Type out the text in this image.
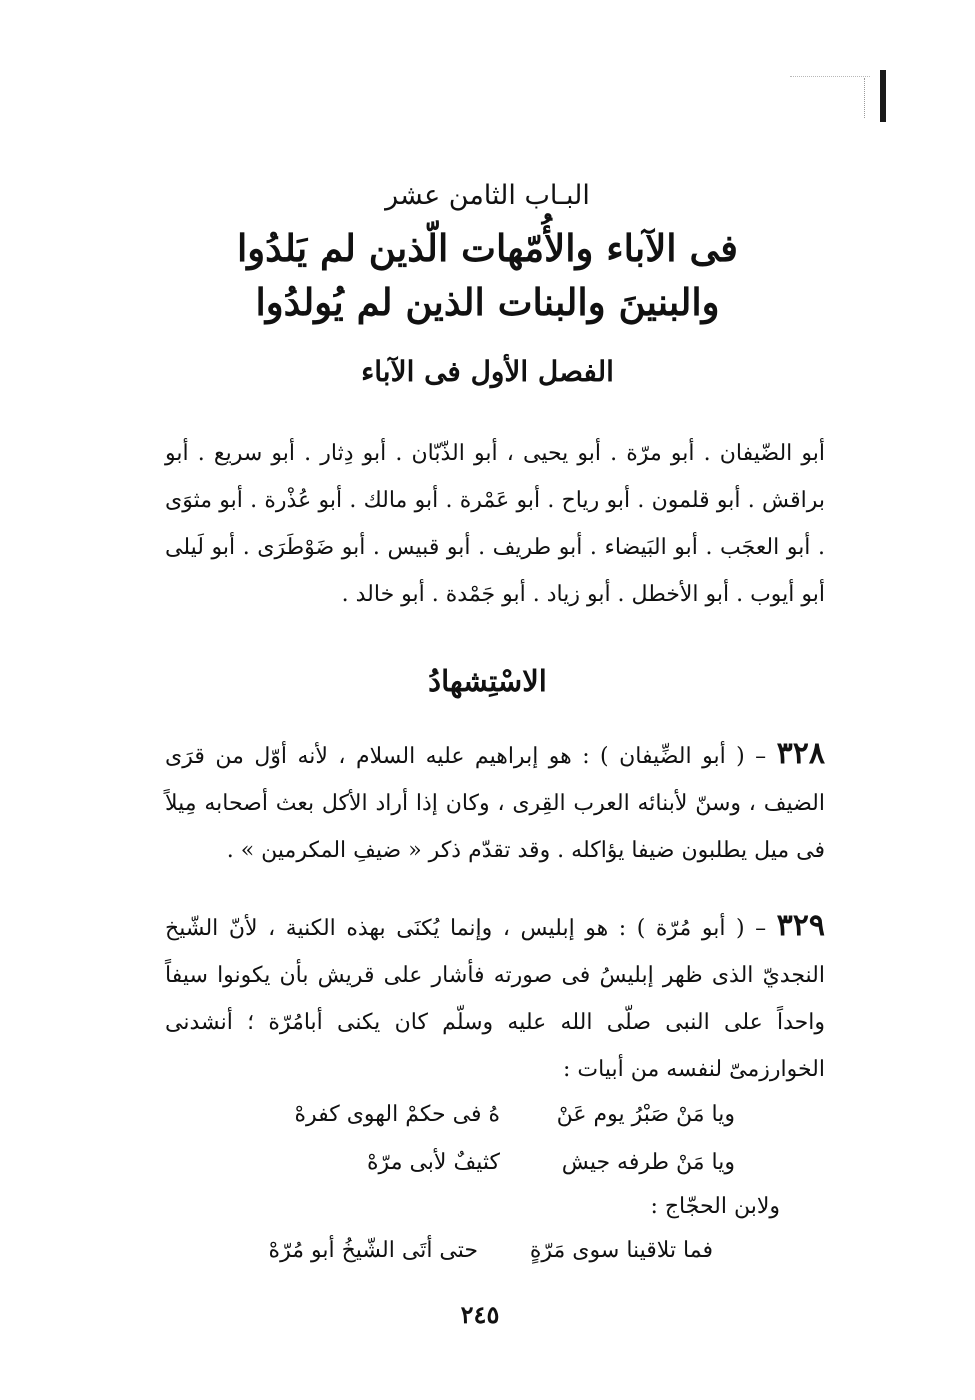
البـاب الثامن عشر
فى الآباء والأُمّهات الّذين لم يَلدُوا
والبنينَ والبنات الذين لم يُولدُوا
الفصل الأول فى الآباء
أبو الضّيفان . أبو مرّة . أبو يحيى ، أبو الذّبّان . أبو دِثار . أبو سريع . أبو براقش . أبو قلمون . أبو رياح . أبو عَمْرة . أبو مالك . أبو عُذْرة . أبو مثوَى . أبو العجَب . أبو البَيضاء . أبو طريف . أبو قبيس . أبو ضَوْطَرَى . أبو لَيلى أبو أيوب . أبو الأخطل . أبو زياد . أبو جَمْدة . أبو خالد .
الاسْتِشهادُ
٣٢٨ – ( أبو الضِّيفان ) : هو إبراهيم عليه السلام ، لأنه أوّل من قرَى الضيف ، وسنّ لأبنائه العرب القِرى ، وكان إذا أراد الأكل بعث أصحابه مِيلاً فى ميل يطلبون ضيفا يؤاكله . وقد تقدّم ذكر « ضيفِ المكرمين » .
٣٢٩ – ( أبو مُرّة ) : هو إبليس ، وإنما يُكنَى بهذه الكنية ، لأنّ الشّيخ النجديّ الذى ظهر إبليسُ فى صورته فأشار على قريش بأن يكونوا سيفاً واحداً على النبى صلّى الله عليه وسلّم كان يكنى أبامُرّة ؛ أنشدنى الخوارزمىّ لنفسه من أبيات :
ويا مَنْ صَبْرُ يوم عَنْ
هُ فى حكمْ الهوى كفرهْ
ويا مَنْ طرفه جيش
كثيفٌ لأبى مرّهْ
ولابن الحجّاج :
فما تلاقينا سوى مَرّةٍ
حتى أتَى الشّيخُ أبو مُرّهْ
٢٤٥
